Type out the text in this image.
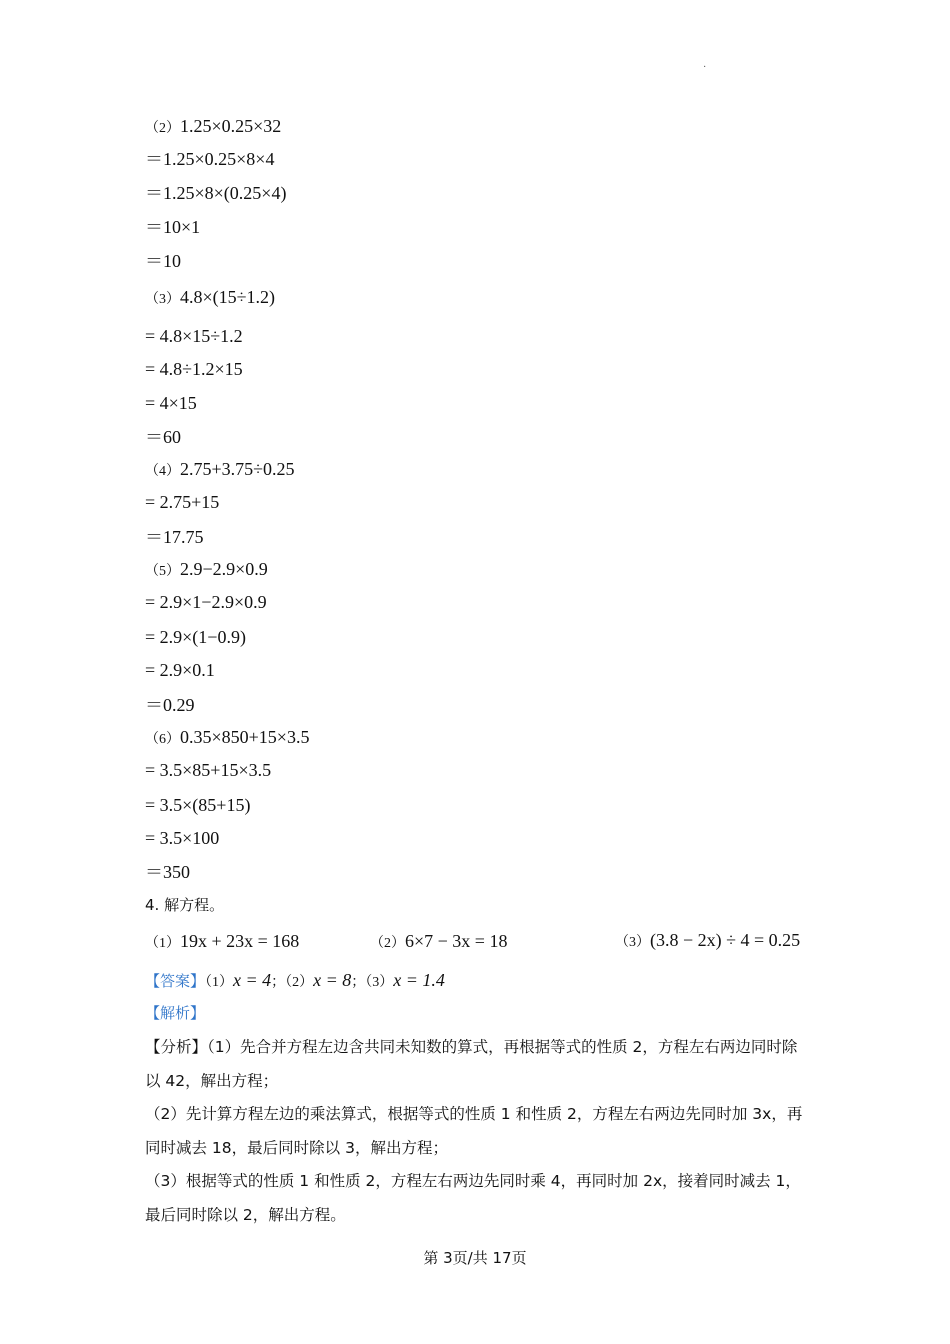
·
（2）1.25×0.25×32
＝1.25×0.25×8×4
＝1.25×8×(0.25×4)
＝10×1
＝10
（3）4.8×(15÷1.2)
= 4.8×15÷1.2
= 4.8÷1.2×15
= 4×15
＝60
（4）2.75+3.75÷0.25
= 2.75+15
＝17.75
（5）2.9−2.9×0.9
= 2.9×1−2.9×0.9
= 2.9×(1−0.9)
= 2.9×0.1
＝0.29
（6）0.35×850+15×3.5
= 3.5×85+15×3.5
= 3.5×(85+15)
= 3.5×100
＝350
4. 解方程。
（1）19x + 23x = 168	（2）6×7 − 3x = 18	（3）(3.8 − 2x) ÷ 4 = 0.25
【答案】（1）x = 4；（2）x = 8；（3）x = 1.4
【解析】
【分析】（1）先合并方程左边含共同未知数的算式，再根据等式的性质 2，方程左右两边同时除以 42，解出方程；
（2）先计算方程左边的乘法算式，根据等式的性质 1 和性质 2，方程左右两边先同时加 3x，再同时减去 18，最后同时除以 3，解出方程；
（3）根据等式的性质 1 和性质 2，方程左右两边先同时乘 4，再同时加 2x，接着同时减去 1，最后同时除以 2，解出方程。
第 3页/共 17页
